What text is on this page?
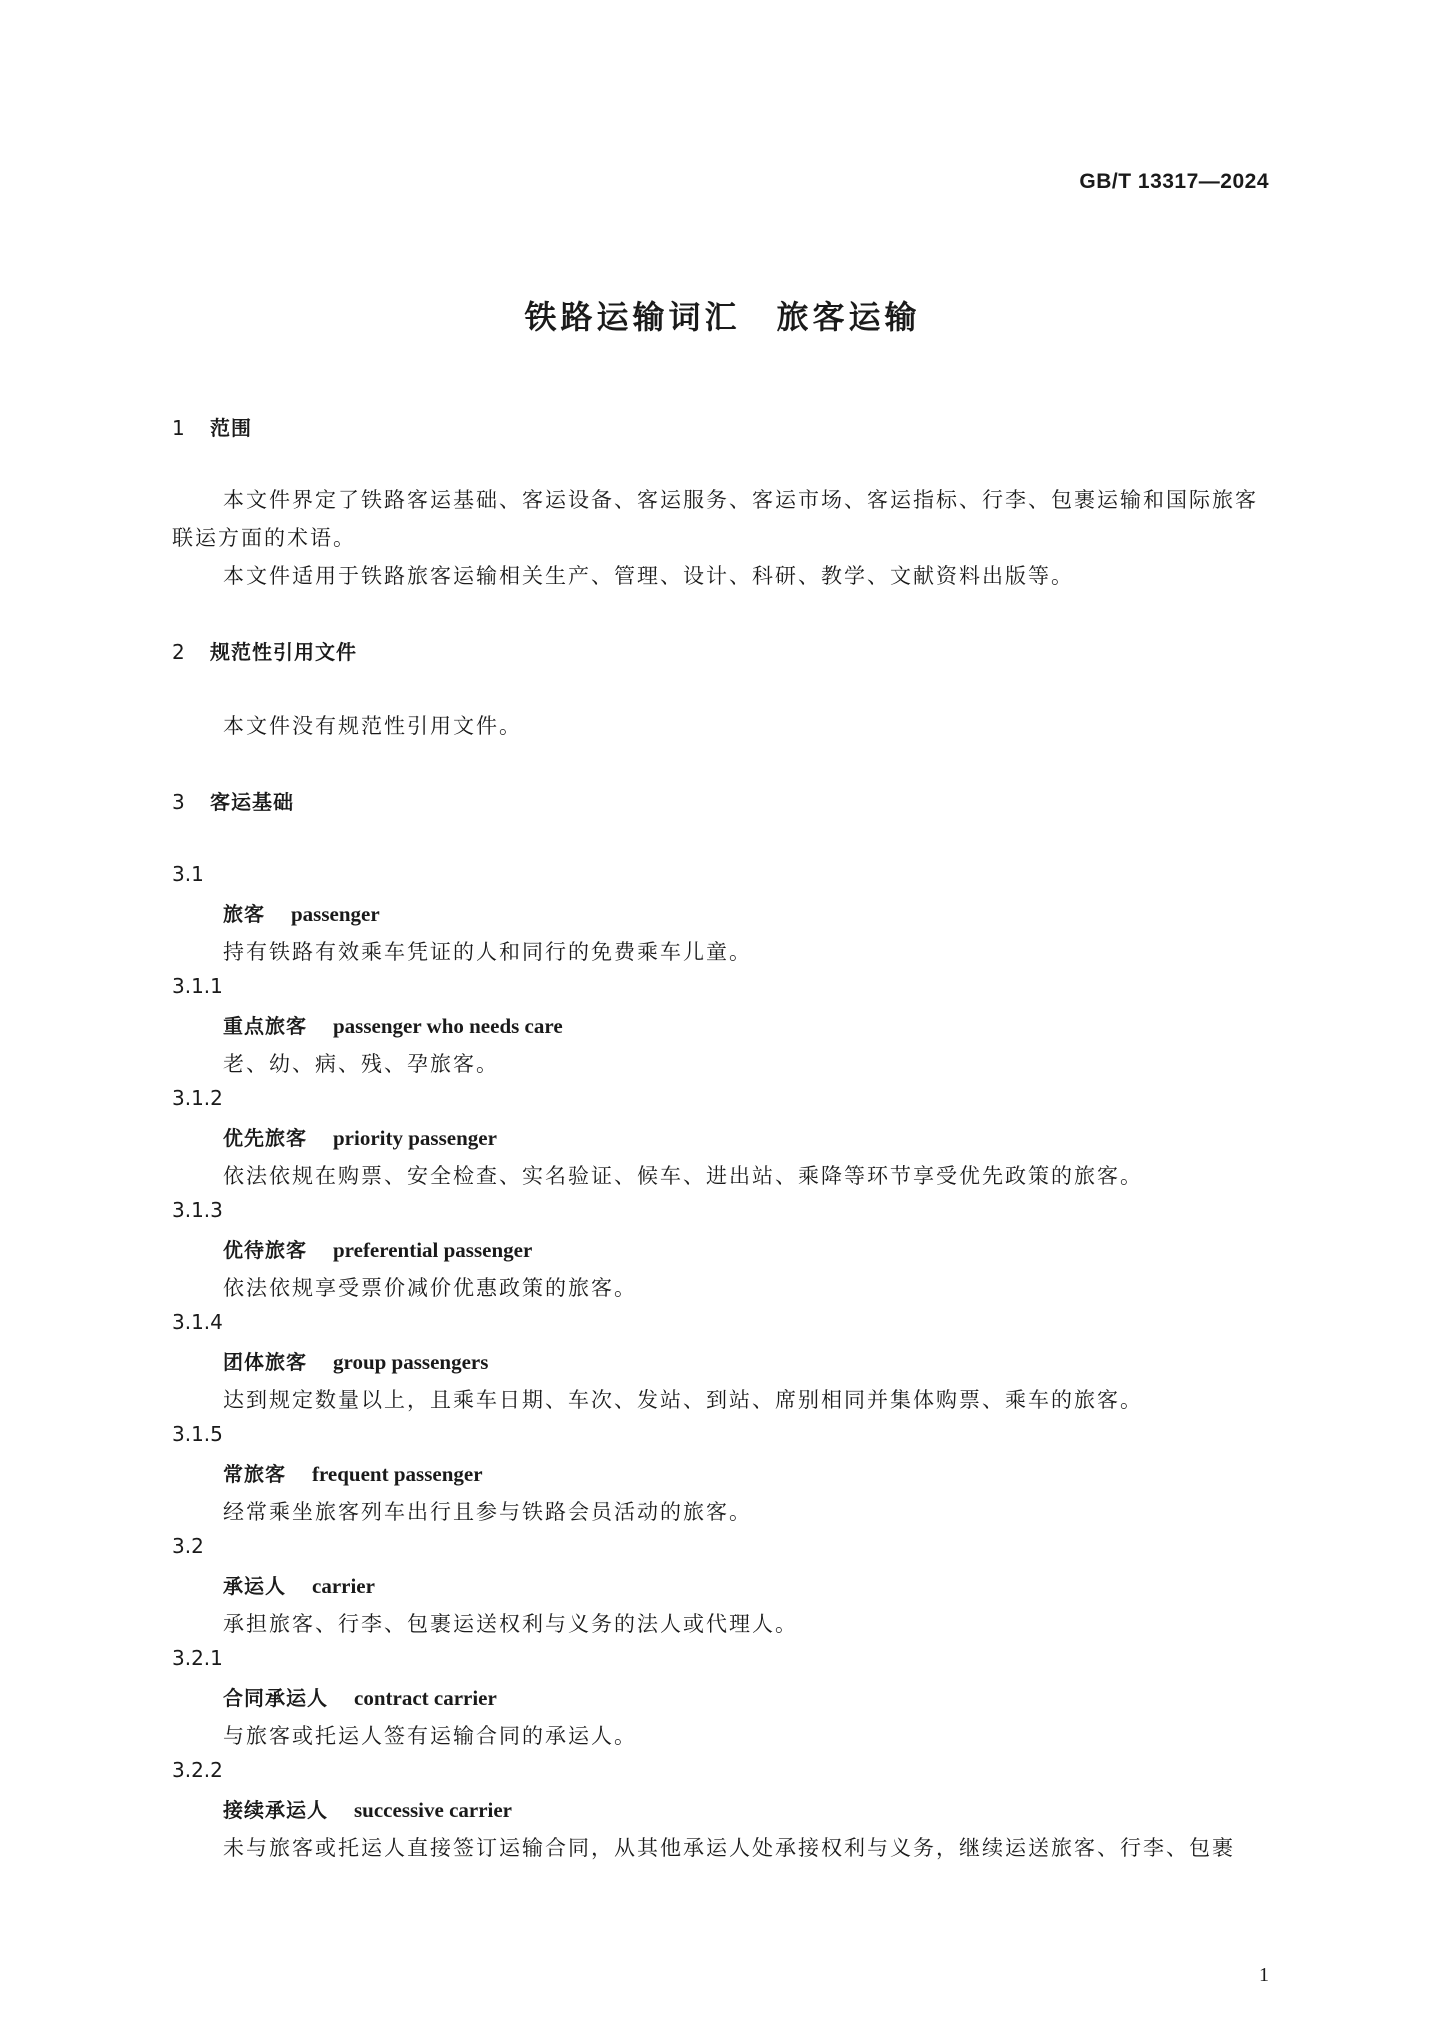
GB/T 13317—2024
铁路运输词汇　旅客运输
1 范围
本文件界定了铁路客运基础、客运设备、客运服务、客运市场、客运指标、行李、包裹运输和国际旅客
联运方面的术语。
本文件适用于铁路旅客运输相关生产、管理、设计、科研、教学、文献资料出版等。
2 规范性引用文件
本文件没有规范性引用文件。
3 客运基础
3.1
旅客 passenger
持有铁路有效乘车凭证的人和同行的免费乘车儿童。
3.1.1
重点旅客 passenger who needs care
老、幼、病、残、孕旅客。
3.1.2
优先旅客 priority passenger
依法依规在购票、安全检查、实名验证、候车、进出站、乘降等环节享受优先政策的旅客。
3.1.3
优待旅客 preferential passenger
依法依规享受票价减价优惠政策的旅客。
3.1.4
团体旅客 group passengers
达到规定数量以上，且乘车日期、车次、发站、到站、席别相同并集体购票、乘车的旅客。
3.1.5
常旅客 frequent passenger
经常乘坐旅客列车出行且参与铁路会员活动的旅客。
3.2
承运人 carrier
承担旅客、行李、包裹运送权利与义务的法人或代理人。
3.2.1
合同承运人 contract carrier
与旅客或托运人签有运输合同的承运人。
3.2.2
接续承运人 successive carrier
未与旅客或托运人直接签订运输合同，从其他承运人处承接权利与义务，继续运送旅客、行李、包裹
1
